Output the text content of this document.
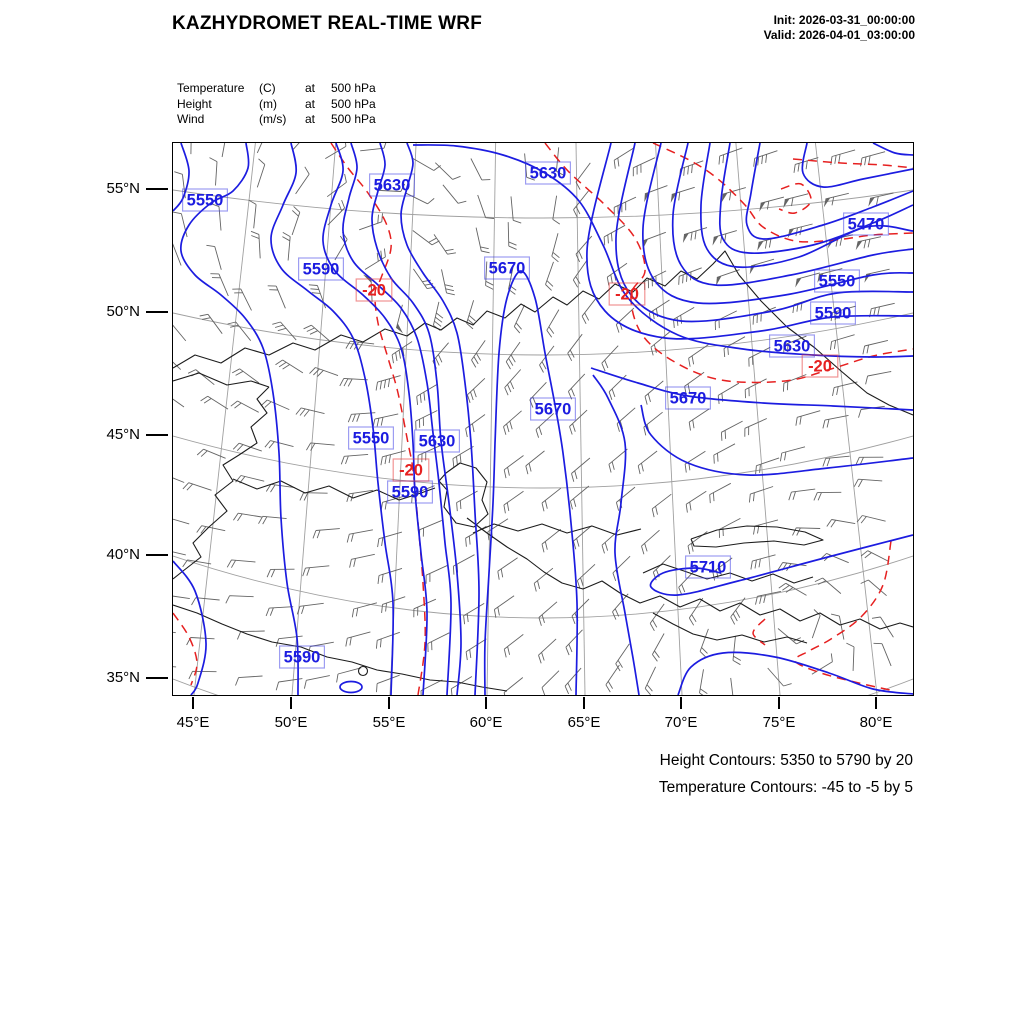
KAZHYDROMET REAL-TIME WRF	Init: 2026-03-31_00:00:00
Valid: 2026-04-01_03:00:00
Temperature	(C)	at	500 hPa
Height	(m)	at	500 hPa
Wind	(m/s)	at	500 hPa
5550
5630
5630
5470
5590	5670
5550
5590
5630
5670
5670
5550 5630
5590
5710
5590
-20	-20
-20
-20
55°N
50°N
45°N
40°N
35°N
45°E	50°E	55°E	60°E	65°E	70°E	75°E	80°E
Height Contours: 5350 to 5790 by 20
Temperature Contours: -45 to -5 by 5
